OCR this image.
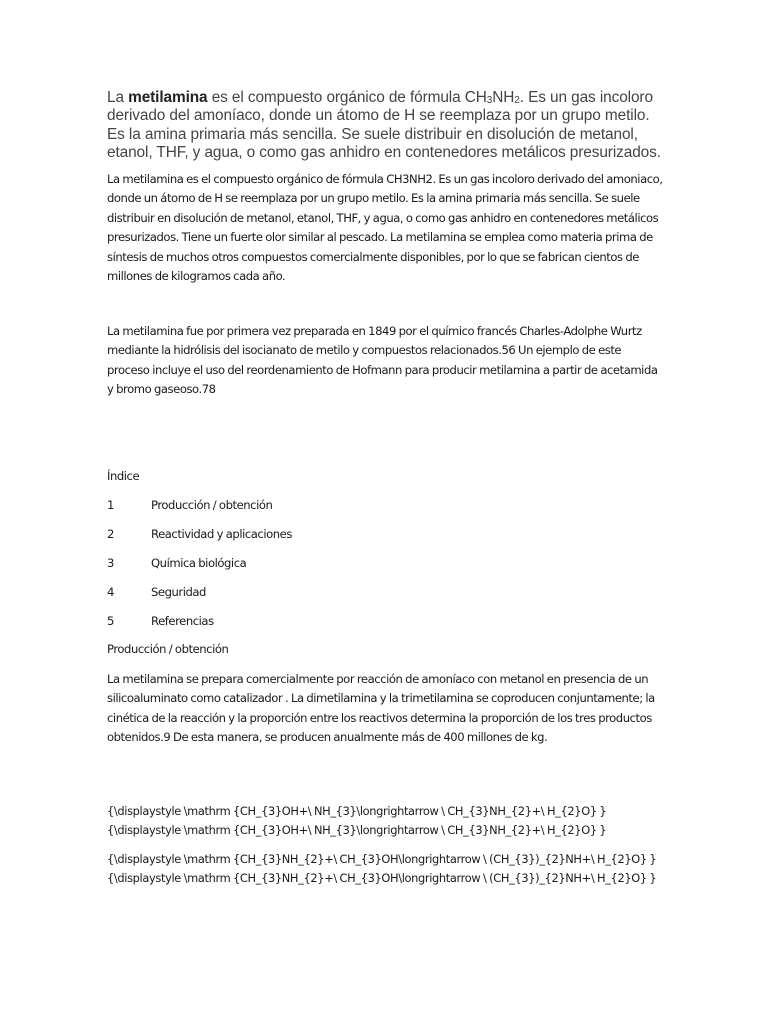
La metilamina es el compuesto orgánico de fórmula $CH_3NH_2$. Es un gas incoloro derivado del amoníaco, donde un átomo de H se reemplaza por un grupo metilo. Es la amina primaria más sencilla. Se suele distribuir en disolución de metanol, etanol, THF, y agua, o como gas anhidro en contenedores metálicos presurizados.

La metilamina es el compuesto orgánico de fórmula CH3NH2. Es un gas incoloro derivado del amoniaco, donde un átomo de H se reemplaza por un grupo metilo. Es la amina primaria más sencilla. Se suele distribuir en disolución de metanol, etanol, THF, y agua, o como gas anhidro en contenedores metálicos presurizados. Tiene un fuerte olor similar al pescado. La metilamina se emplea como materia prima de síntesis de muchos otros compuestos comercialmente disponibles, por lo que se fabrican cientos de millones de kilogramos cada año.

La metilamina fue por primera vez preparada en 1849 por el químico francés Charles-Adolphe Wurtz mediante la hidrólisis del isocianato de metilo y compuestos relacionados.56 Un ejemplo de este proceso incluye el uso del reordenamiento de Hofmann para producir metilamina a partir de acetamida y bromo gaseoso.78

Índice
1	Producción / obtención
2	Reactividad y aplicaciones
3	Química biológica
4	Seguridad
5	Referencias
Producción / obtención

La metilamina se prepara comercialmente por reacción de amoníaco con metanol en presencia de un silicoaluminato como catalizador . La dimetilamina y la trimetilamina se coproducen conjuntamente; la cinética de la reacción y la proporción entre los reactivos determina la proporción de los tres productos obtenidos.9 De esta manera, se producen anualmente más de 400 millones de kg.

{\displaystyle \mathrm {CH_{3}OH+\ NH_{3}\longrightarrow \ CH_{3}NH_{2}+\ H_{2}O} }{\displaystyle \mathrm {CH_{3}OH+\ NH_{3}\longrightarrow \ CH_{3}NH_{2}+\ H_{2}O} }

{\displaystyle \mathrm {CH_{3}NH_{2}+\ CH_{3}OH\longrightarrow \ (CH_{3})_{2}NH+\ H_{2}O} }{\displaystyle \mathrm {CH_{3}NH_{2}+\ CH_{3}OH\longrightarrow \ (CH_{3})_{2}NH+\ H_{2}O} }
